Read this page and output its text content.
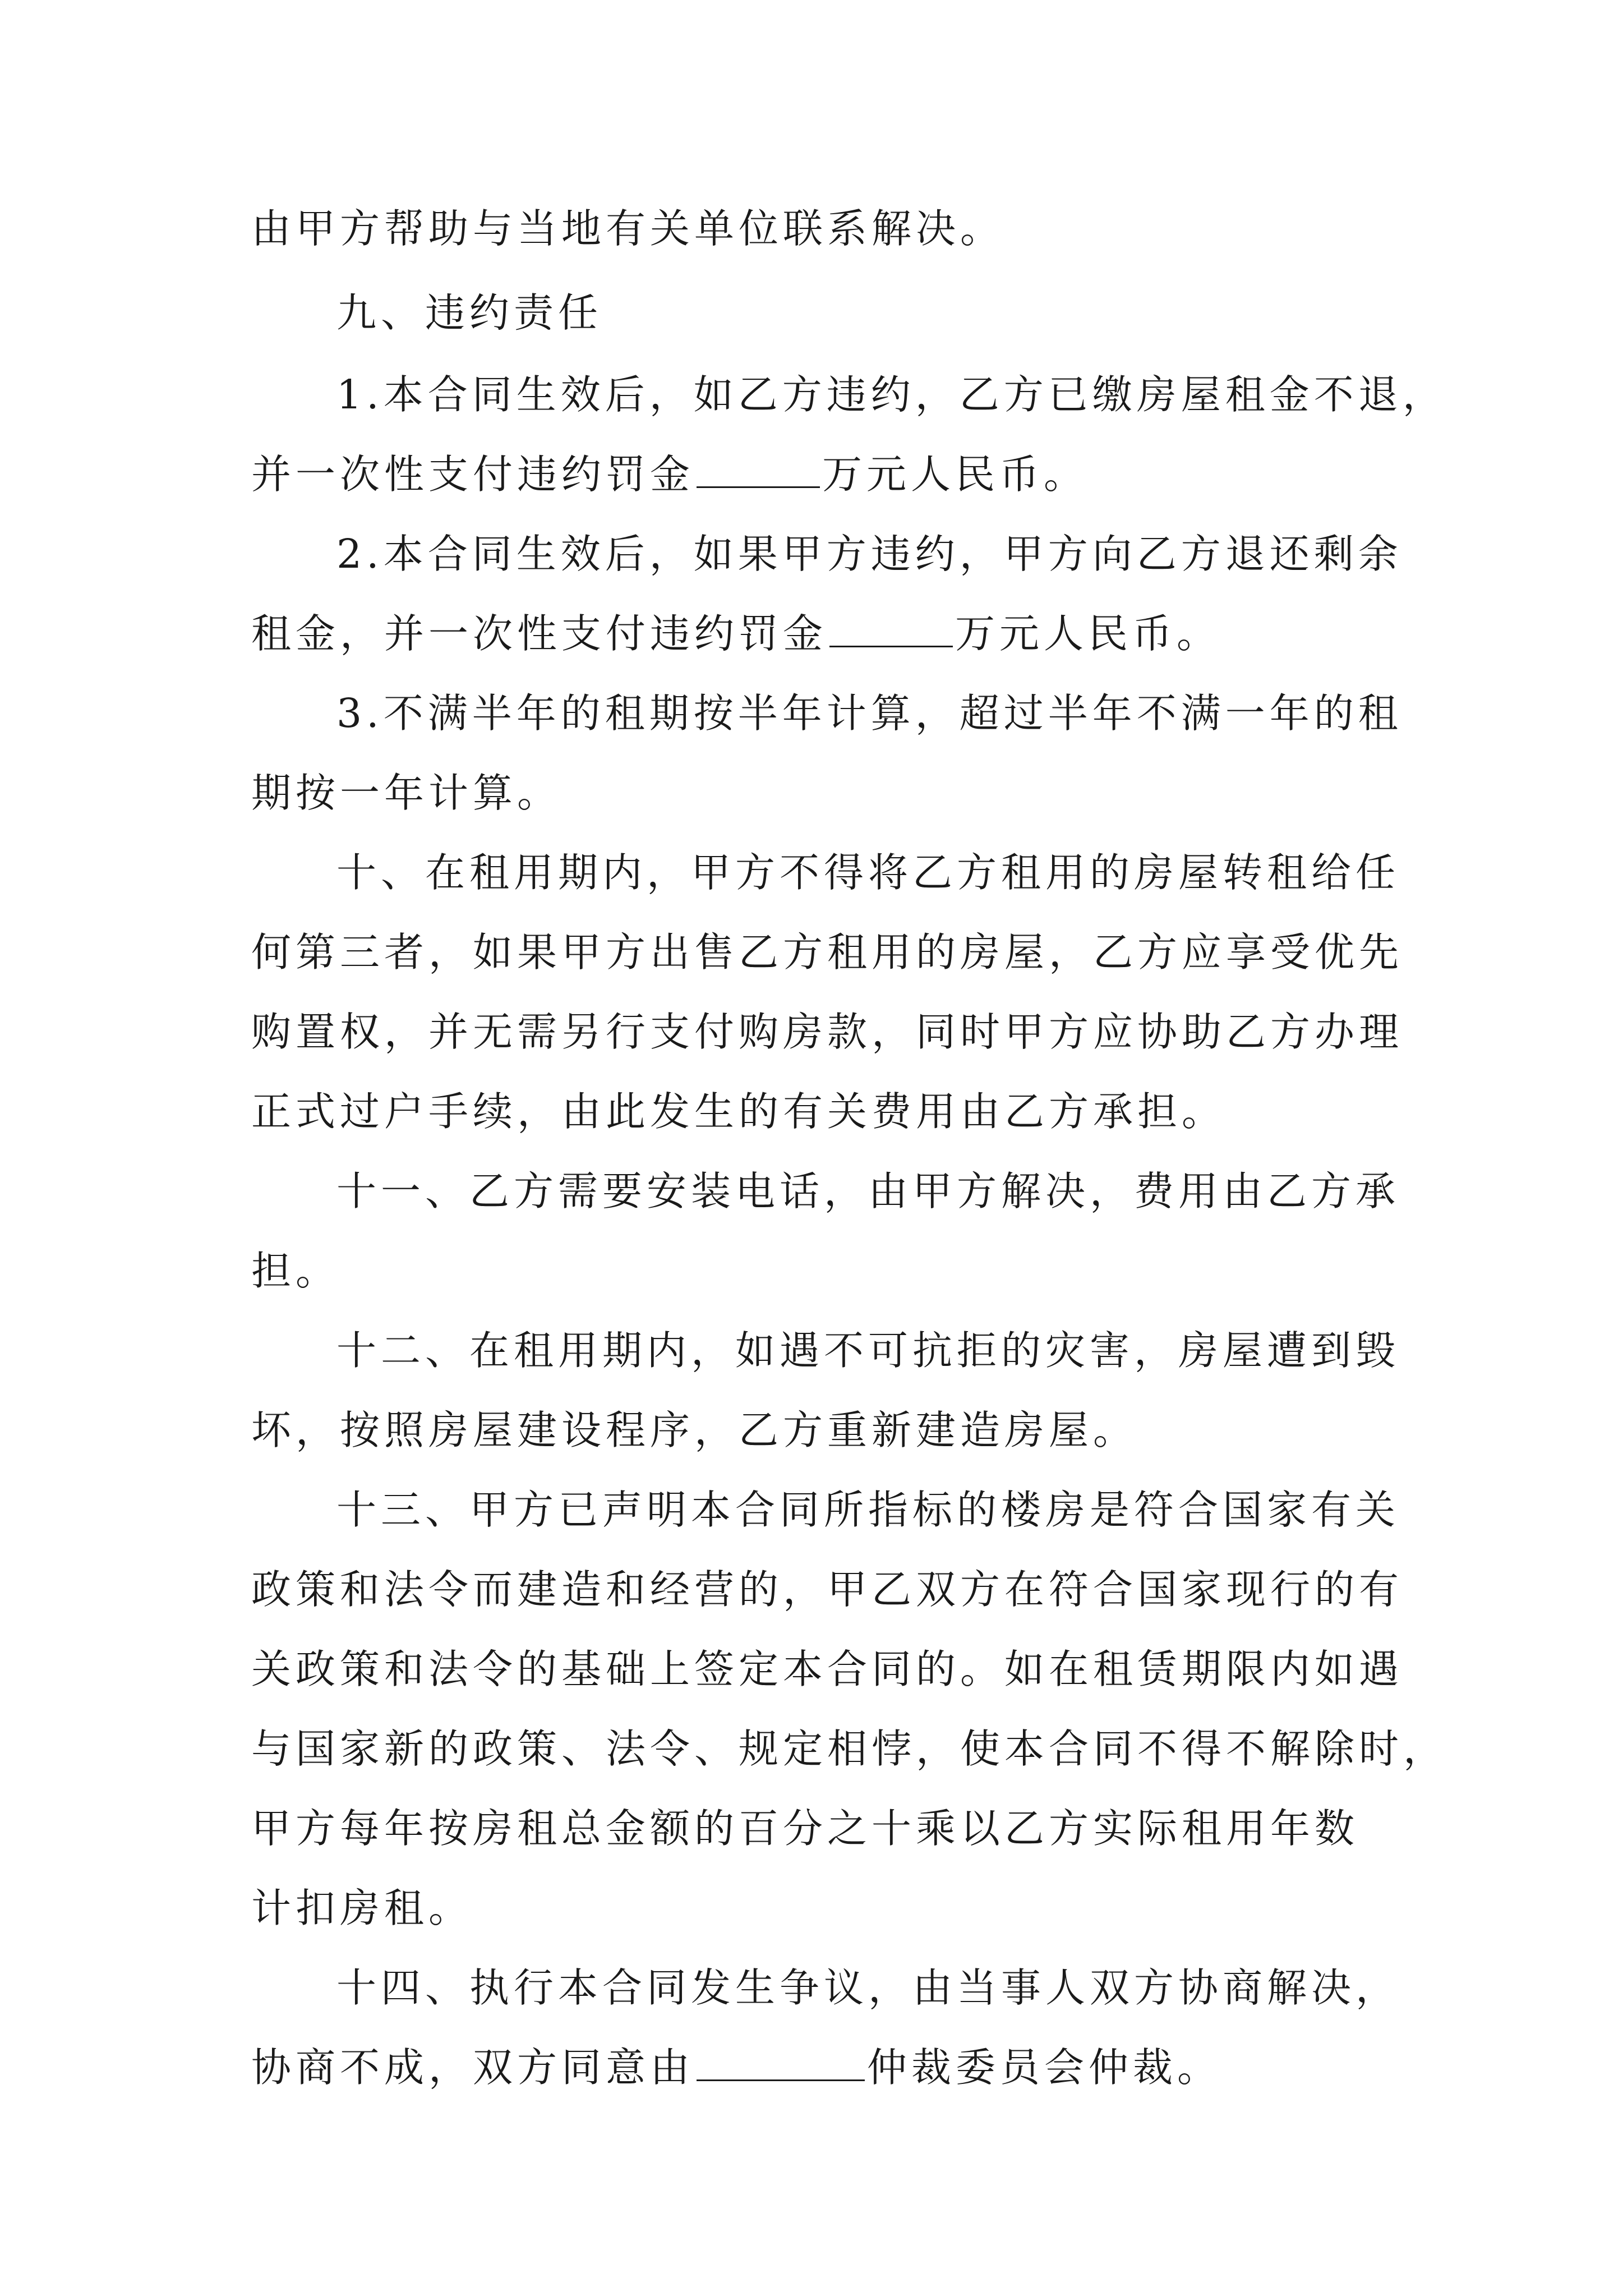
由甲方帮助与当地有关单位联系解决。

九、违约责任

1.本合同生效后，如乙方违约，乙方已缴房屋租金不退，

并一次性支付违约罚金	万元人民币。

2.本合同生效后，如果甲方违约，甲方向乙方退还剩余

租金，并一次性支付违约罚金	万元人民币。

3.不满半年的租期按半年计算，超过半年不满一年的租

期按一年计算。

十、在租用期内，甲方不得将乙方租用的房屋转租给任

何第三者，如果甲方出售乙方租用的房屋，乙方应享受优先

购置权，并无需另行支付购房款，同时甲方应协助乙方办理

正式过户手续，由此发生的有关费用由乙方承担。

十一、乙方需要安装电话，由甲方解决，费用由乙方承

担。

十二、在租用期内，如遇不可抗拒的灾害，房屋遭到毁

坏，按照房屋建设程序，乙方重新建造房屋。

十三、甲方已声明本合同所指标的楼房是符合国家有关

政策和法令而建造和经营的，甲乙双方在符合国家现行的有

关政策和法令的基础上签定本合同的。如在租赁期限内如遇

与国家新的政策、法令、规定相悖，使本合同不得不解除时，

甲方每年按房租总金额的百分之十乘以乙方实际租用年数

计扣房租。

十四、执行本合同发生争议，由当事人双方协商解决，

协商不成，双方同意由	仲裁委员会仲裁。
